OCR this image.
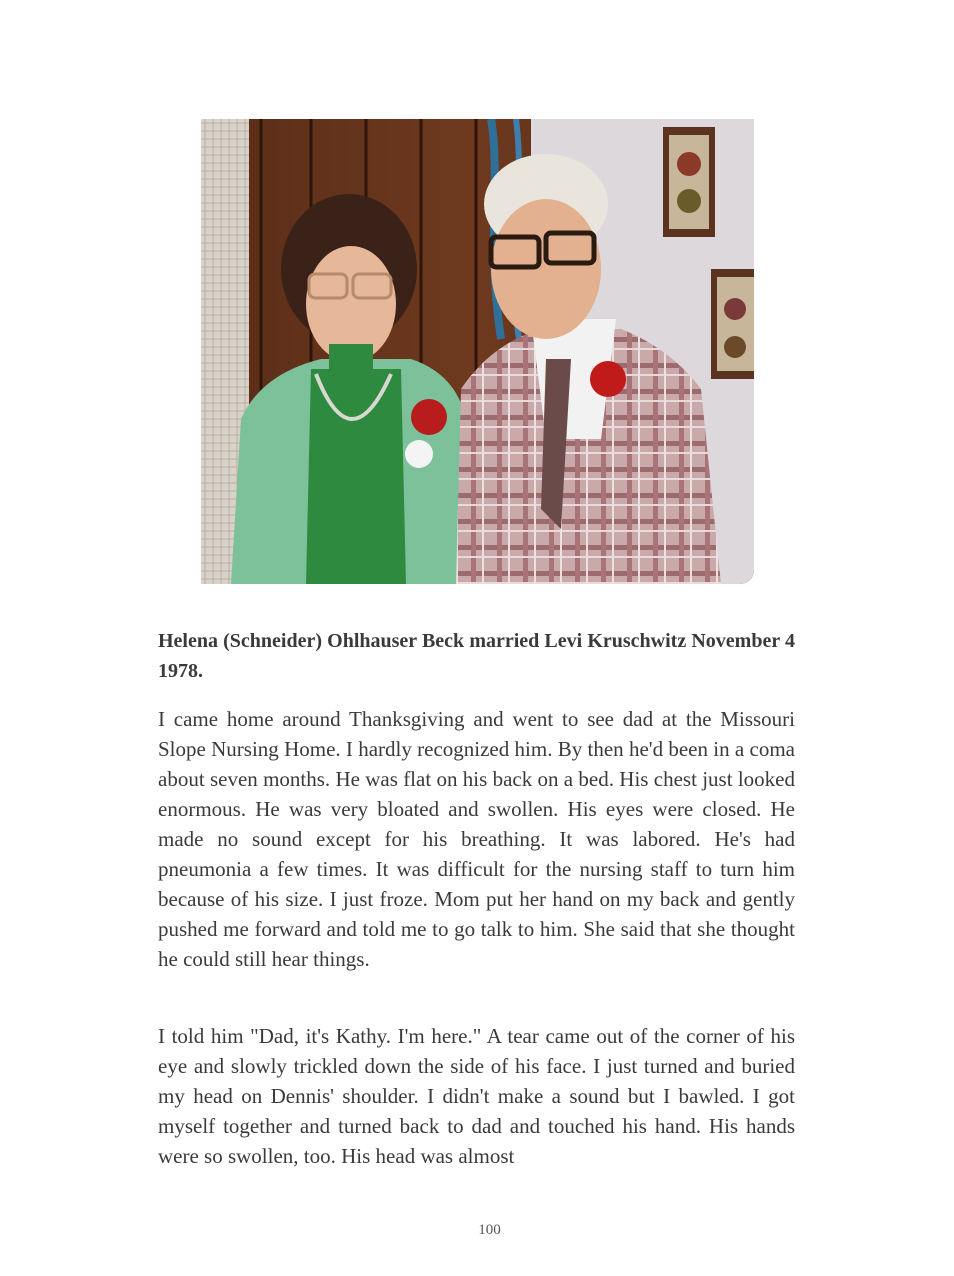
Helena (Schneider) Ohlhauser Beck married Levi Kruschwitz November 4 1978.

I came home around Thanksgiving and went to see dad at the Missouri Slope Nursing Home. I hardly recognized him. By then he'd been in a coma about seven months. He was flat on his back on a bed. His chest just looked enormous. He was very bloated and swollen. His eyes were closed. He made no sound except for his breathing. It was labored. He's had pneumonia a few times. It was difficult for the nursing staff to turn him because of his size. I just froze. Mom put her hand on my back and gently pushed me forward and told me to go talk to him. She said that she thought he could still hear things.

I told him "Dad, it's Kathy. I'm here." A tear came out of the corner of his eye and slowly trickled down the side of his face. I just turned and buried my head on Dennis' shoulder. I didn't make a sound but I bawled. I got myself together and turned back to dad and touched his hand. His hands were so swollen, too. His head was almost

100
